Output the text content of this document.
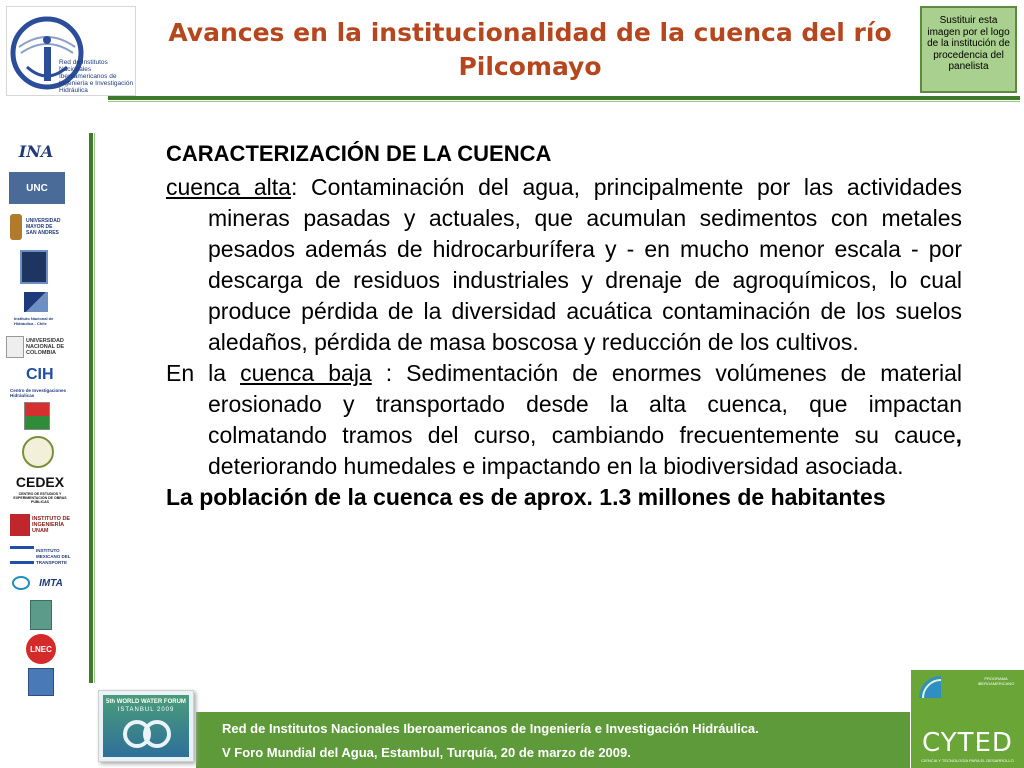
Red de Institutos Nacionales Iberoamericanos de Ingeniería e Investigación Hidráulica
Avances en la institucionalidad de la cuenca del río Pilcomayo
Sustituir esta imagen por el logo de la institución de procedencia del panelista
INA
UNC
UNIVERSIDAD MAYOR DE SAN ANDRES
Instituto Nacional de Hidráulica - Chile
UNIVERSIDAD NACIONAL DE COLOMBIA
CIH
Centro de Investigaciones Hidráulicas
CEDEX
CENTRO DE ESTUDIOS Y EXPERIMENTACIÓN DE OBRAS PÚBLICAS
INSTITUTO DE INGENIERÍA UNAM
INSTITUTO MEXICANO DEL TRANSPORTE
IMTA
LNEC
CARACTERIZACIÓN DE LA CUENCA
cuenca alta: Contaminación del agua, principalmente por las actividades mineras pasadas y actuales, que acumulan sedimentos con metales pesados además de hidrocarburífera y - en mucho menor escala - por descarga de residuos industriales y drenaje de agroquímicos, lo cual produce pérdida de la diversidad acuática contaminación de los suelos aledaños, pérdida de masa boscosa y reducción de los cultivos.
En la cuenca baja : Sedimentación de enormes volúmenes de material erosionado y transportado desde la alta cuenca, que impactan colmatando tramos del curso, cambiando frecuentemente su cauce, deteriorando humedales e impactando en la biodiversidad asociada.
La población de la cuenca es de aprox. 1.3 millones de habitantes
Red de Institutos Nacionales Iberoamericanos de Ingeniería e Investigación Hidráulica.
V Foro Mundial del Agua, Estambul, Turquía, 20 de marzo de 2009.
5th WORLD WATER FORUM
ISTANBUL 2009
PROGRAMA IBEROAMERICANO
CYTED
CIENCIA Y TECNOLOGÍA PARA EL DESARROLLO
